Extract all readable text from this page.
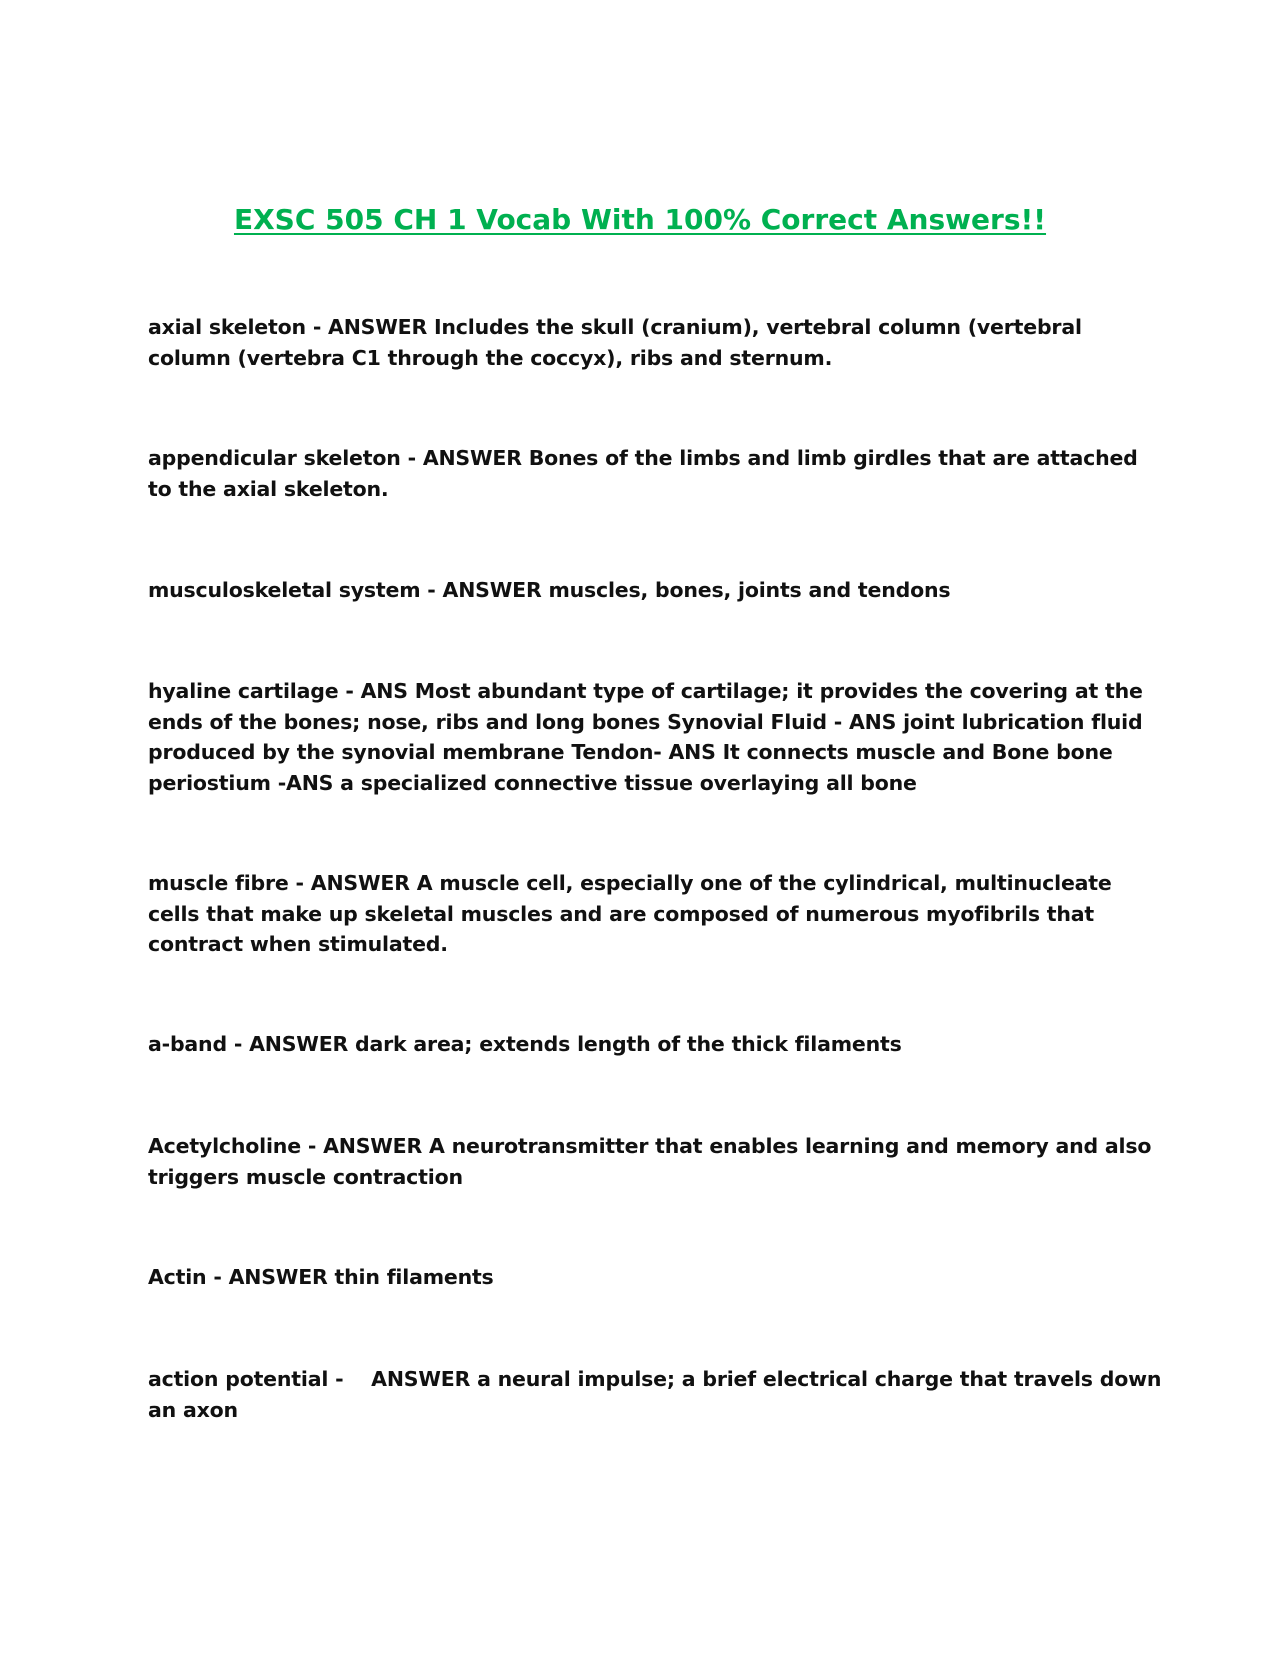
EXSC 505 CH 1 Vocab With 100% Correct Answers!!
axial skeleton - ANSWER Includes the skull (cranium), vertebral column (vertebral
column (vertebra C1 through the coccyx), ribs and sternum.
appendicular skeleton - ANSWER Bones of the limbs and limb girdles that are attached
to the axial skeleton.
musculoskeletal system - ANSWER muscles, bones, joints and tendons
hyaline cartilage - ANS Most abundant type of cartilage; it provides the covering at the
ends of the bones; nose, ribs and long bones Synovial Fluid - ANS joint lubrication fluid
produced by the synovial membrane Tendon- ANS It connects muscle and Bone bone
periostium -ANS a specialized connective tissue overlaying all bone
muscle fibre - ANSWER A muscle cell, especially one of the cylindrical, multinucleate
cells that make up skeletal muscles and are composed of numerous myofibrils that
contract when stimulated.
a-band - ANSWER dark area; extends length of the thick filaments
Acetylcholine - ANSWER A neurotransmitter that enables learning and memory and also
triggers muscle contraction
Actin - ANSWER thin filaments
action potential -    ANSWER a neural impulse; a brief electrical charge that travels down
an axon
